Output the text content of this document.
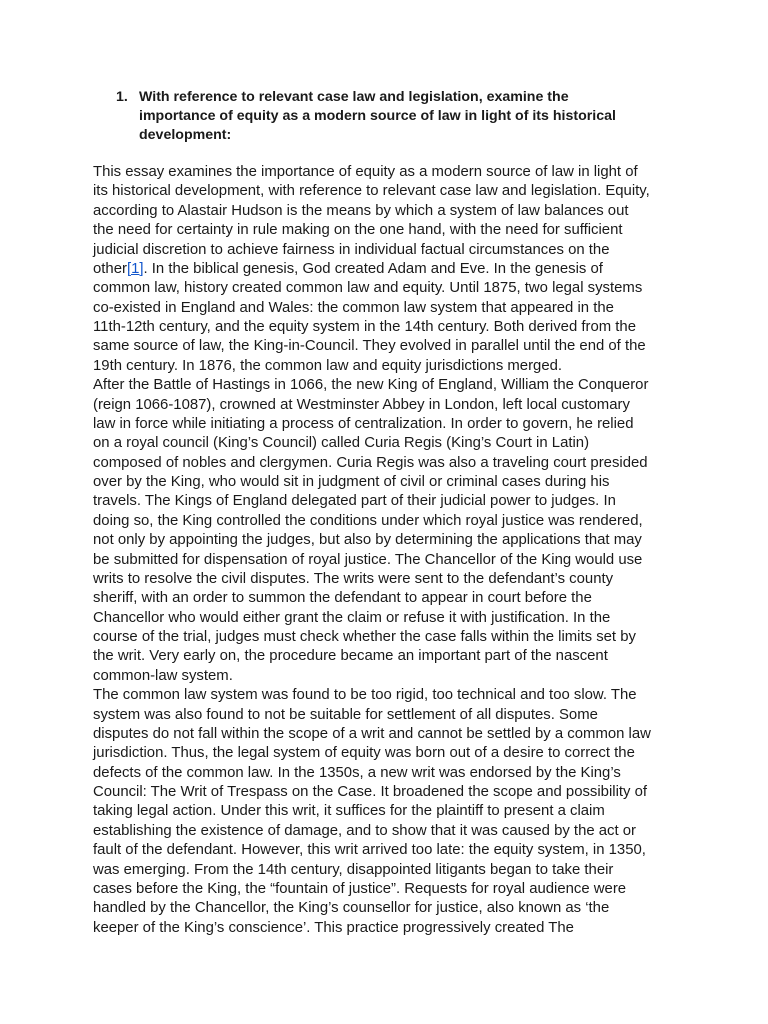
1. With reference to relevant case law and legislation, examine the
importance of equity as a modern source of law in light of its historical
development:
This essay examines the importance of equity as a modern source of law in light of
its historical development, with reference to relevant case law and legislation. Equity,
according to Alastair Hudson is the means by which a system of law balances out
the need for certainty in rule making on the one hand, with the need for sufficient
judicial discretion to achieve fairness in individual factual circumstances on the
other[1]. In the biblical genesis, God created Adam and Eve. In the genesis of
common law, history created common law and equity. Until 1875, two legal systems
co-existed in England and Wales: the common law system that appeared in the
11th-12th century, and the equity system in the 14th century. Both derived from the
same source of law, the King-in-Council. They evolved in parallel until the end of the
19th century. In 1876, the common law and equity jurisdictions merged.
After the Battle of Hastings in 1066, the new King of England, William the Conqueror
(reign 1066-1087), crowned at Westminster Abbey in London, left local customary
law in force while initiating a process of centralization. In order to govern, he relied
on a royal council (King’s Council) called Curia Regis (King’s Court in Latin)
composed of nobles and clergymen. Curia Regis was also a traveling court presided
over by the King, who would sit in judgment of civil or criminal cases during his
travels. The Kings of England delegated part of their judicial power to judges. In
doing so, the King controlled the conditions under which royal justice was rendered,
not only by appointing the judges, but also by determining the applications that may
be submitted for dispensation of royal justice. The Chancellor of the King would use
writs to resolve the civil disputes. The writs were sent to the defendant’s county
sheriff, with an order to summon the defendant to appear in court before the
Chancellor who would either grant the claim or refuse it with justification. In the
course of the trial, judges must check whether the case falls within the limits set by
the writ. Very early on, the procedure became an important part of the nascent
common-law system.
The common law system was found to be too rigid, too technical and too slow. The
system was also found to not be suitable for settlement of all disputes. Some
disputes do not fall within the scope of a writ and cannot be settled by a common law
jurisdiction. Thus, the legal system of equity was born out of a desire to correct the
defects of the common law. In the 1350s, a new writ was endorsed by the King’s
Council: The Writ of Trespass on the Case. It broadened the scope and possibility of
taking legal action. Under this writ, it suffices for the plaintiff to present a claim
establishing the existence of damage, and to show that it was caused by the act or
fault of the defendant. However, this writ arrived too late: the equity system, in 1350,
was emerging. From the 14th century, disappointed litigants began to take their
cases before the King, the “fountain of justice”. Requests for royal audience were
handled by the Chancellor, the King’s counsellor for justice, also known as ‘the
keeper of the King’s conscience’. This practice progressively created The
